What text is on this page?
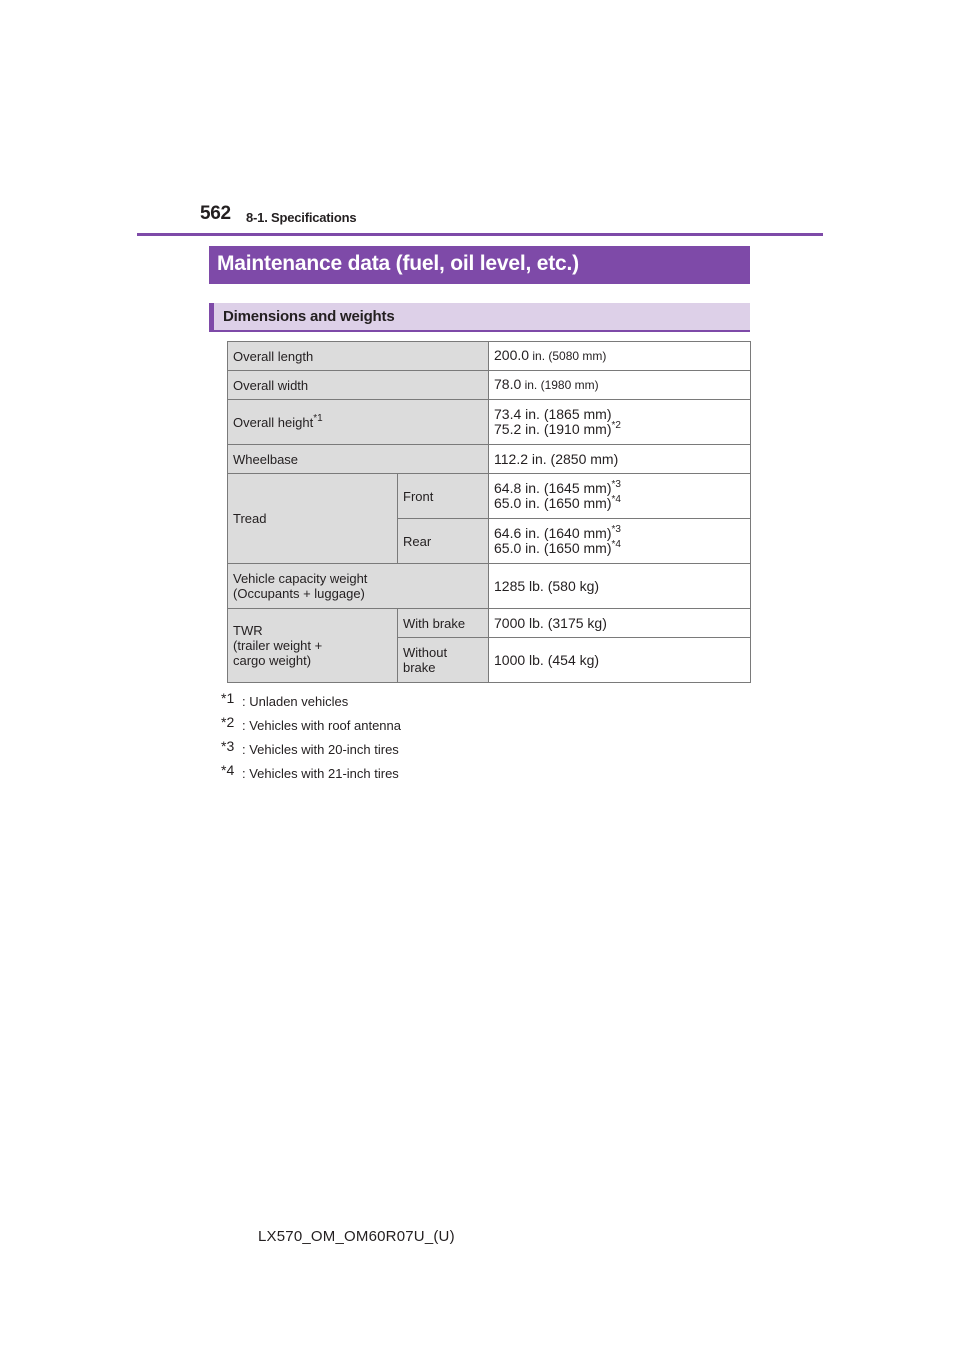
562 8-1. Specifications
Maintenance data (fuel, oil level, etc.)
Dimensions and weights
Overall length		200.0 in. (5080 mm)
Overall width		78.0 in. (1980 mm)
Overall height$^{*1}$		73.4 in. (1865 mm)
75.2 in. (1910 mm)$^{*2}$

Wheelbase		112.2 in. (2850 mm)
Tread	Front	64.8 in. (1645 mm)$^{*3}$
65.0 in. (1650 mm)$^{*4}$

	Rear	64.6 in. (1640 mm)$^{*3}$
65.0 in. (1650 mm)$^{*4}$

Vehicle capacity weight
(Occupants + luggage)		1285 lb. (580 kg)

TWR
(trailer weight +
cargo weight)	With brake	7000 lb. (3175 kg)

	Without
brake	1000 lb. (454 kg)
*1 : Unladen vehicles
*2 : Vehicles with roof antenna
*3 : Vehicles with 20-inch tires
*4 : Vehicles with 21-inch tires
LX570_OM_OM60R07U_(U)
